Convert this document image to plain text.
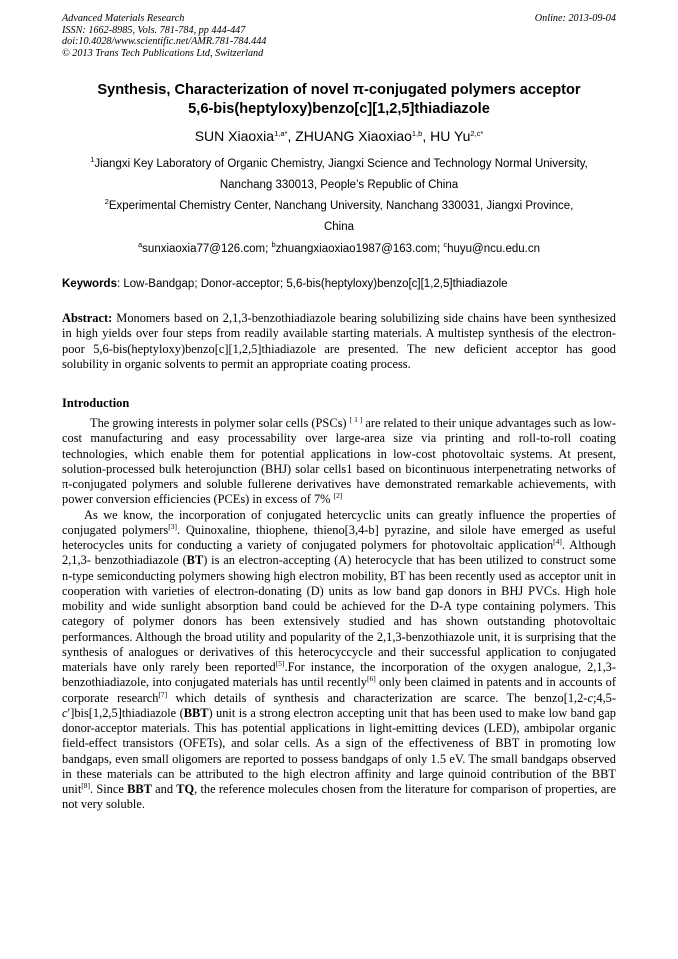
Advanced Materials Research
ISSN: 1662-8985, Vols. 781-784, pp 444-447
doi:10.4028/www.scientific.net/AMR.781-784.444
© 2013 Trans Tech Publications Ltd, Switzerland
Online: 2013-09-04
Synthesis, Characterization of novel π-conjugated polymers acceptor
5,6-bis(heptyloxy)benzo[c][1,2,5]thiadiazole
SUN Xiaoxia$^{1,a*}$, ZHUANG Xiaoxiao$^{1,b}$, HU $Yu^{2,c*}$
$^1$Jiangxi Key Laboratory of Organic Chemistry, Jiangxi Science and Technology Normal University,
Nanchang 330013, People’s Republic of China
$^2$Experimental Chemistry Center, Nanchang University, Nanchang 330031, Jiangxi Province,
China
$^a$sunxiaoxia77@126.com; $^b$zhuangxiaoxiao1987@163.com; $^c$huyu@ncu.edu.cn
Keywords: Low-Bandgap; Donor-acceptor; 5,6-bis(heptyloxy)benzo[c][1,2,5]thiadiazole
Abstract: Monomers based on 2,1,3-benzothiadiazole bearing solubilizing side chains have been synthesized in high yields over four steps from readily available starting materials. A multistep synthesis of the electron-poor 5,6-bis(heptyloxy)benzo[c][1,2,5]thiadiazole are presented. The new deficient acceptor has good solubility in organic solvents to permit an appropriate coating process.
Introduction

The growing interests in polymer solar cells (PSCs) [ 1 ] are related to their unique advantages such as low-cost manufacturing and easy processability over large-area size via printing and roll-to-roll coating technologies, which enable them for potential applications in low-cost photovoltaic systems. At present, solution-processed bulk heterojunction (BHJ) solar cells1 based on bicontinuous interpenetrating networks of π-conjugated polymers and soluble fullerene derivatives have demonstrated remarkable achievements, with power conversion efficiencies (PCEs) in excess of 7% [2]

As we know, the incorporation of conjugated hetercyclic units can greatly influence the properties of conjugated polymers[3]. Quinoxaline, thiophene, thieno[3,4-b] pyrazine, and silole have emerged as useful heterocycles units for conducting a variety of conjugated polymers for photovoltaic application[4]. Although 2,1,3- benzothiadiazole (BT) is an electron-accepting (A) heterocycle that has been utilized to construct some n-type semiconducting polymers showing high electron mobility, BT has been recently used as acceptor unit in cooperation with varieties of electron-donating (D) units as low band gap donors in BHJ PVCs. High hole mobility and wide sunlight absorption band could be achieved for the D-A type containing polymers. This category of polymer donors has been extensively studied and has shown outstanding photovoltaic performances. Although the broad utility and popularity of the 2,1,3-benzothiazole unit, it is surprising that the synthesis of analogues or derivatives of this heterocyccycle and their successful application to conjugated materials have only rarely been reported[5].For instance, the incorporation of the oxygen analogue, 2,1,3-benzothiadiazole, into conjugated materials has until recently[6] only been claimed in patents and in accounts of corporate research[7] which details of synthesis and characterization are scarce. The benzo[1,2-c;4,5-c′]bis[1,2,5]thiadiazole (BBT) unit is a strong electron accepting unit that has been used to make low band gap donor-acceptor materials. This has potential applications in light-emitting devices (LED), ambipolar organic field-effect transistors (OFETs), and solar cells. As a sign of the effectiveness of BBT in promoting low bandgaps, even small oligomers are reported to possess bandgaps of only 1.5 eV. The small bandgaps observed in these materials can be attributed to the high electron affinity and large quinoid contribution of the BBT unit[8]. Since BBT and TQ, the reference molecules chosen from the literature for comparison of properties, are not very soluble.
